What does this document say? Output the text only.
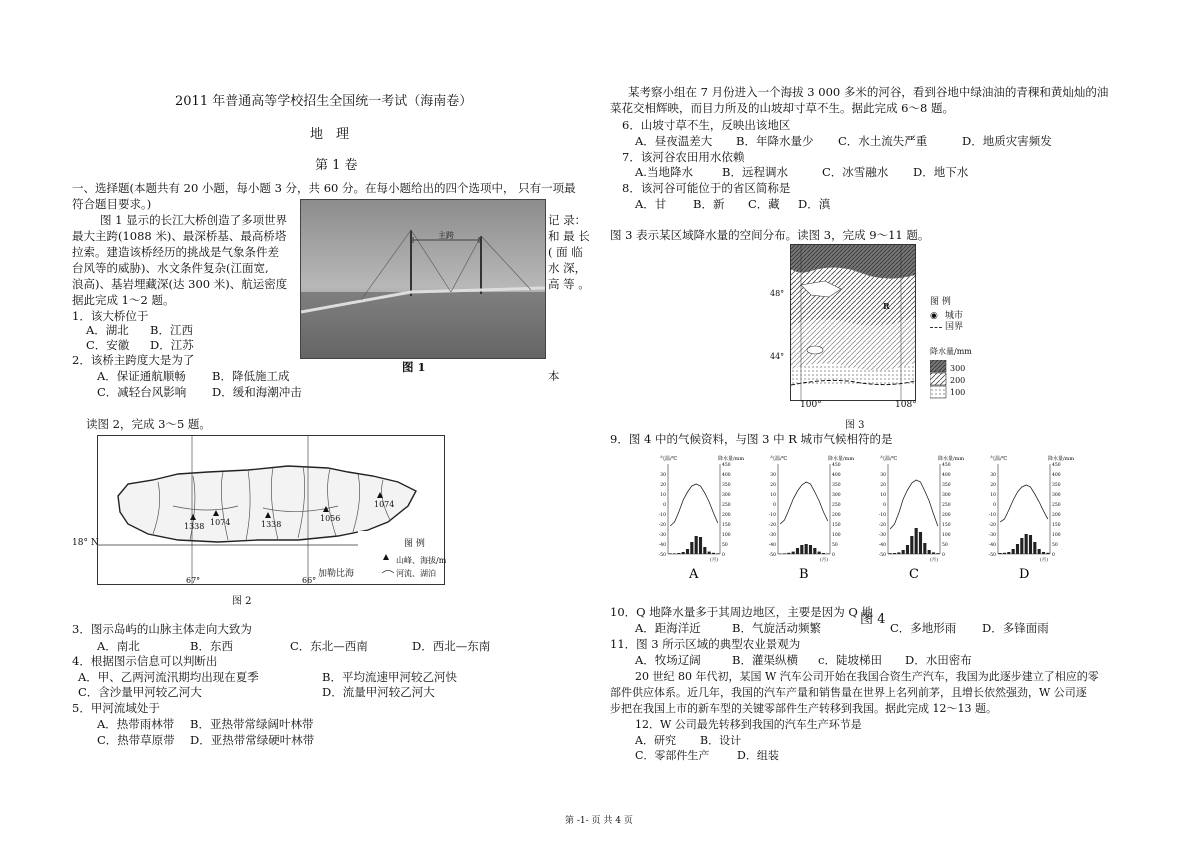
2011 年普通高等学校招生全国统一考试（海南卷）
地　理
第 1 卷
一、选择题(本题共有 20 小题，每小题 3 分，共 60 分。在每小题给出的四个选项中， 只有一项最
符合题目要求。)
图 1 显示的长江大桥创造了多项世界
最大主跨(1088 米)、最深桥基、最高桥塔
拉索。建造该桥经历的挑战是气象条件差
台风等的威胁)、水文条件复杂(江面宽,
浪高)、基岩埋藏深(达 300 米)、航运密度
据此完成 1～2 题。
记 录：
和 最 长
( 面 临
水 深，
高 等 。
主跨
图 1
1．该大桥位于
A．湖北 B．江西
C．安徽 D．江苏
2．该桥主跨度大是为了
A．保证通航顺畅 B．降低施工成
C．减轻台风影响 D．缓和海潮冲击
本
读图 2，完成 3～5 题。
1338 1074	1338
1056
1074
加勒比海
67°	66°
图 例
山峰、海拔/m
河流、湖泊
18° N
图 2
3．图示岛屿的山脉主体走向大致为
A．南北	B．东西	C．东北—西南	D．西北—东南
4．根据图示信息可以判断出
A．甲、乙两河流汛期均出现在夏季	B．平均流速甲河较乙河快
C．含沙量甲河较乙河大	D．流量甲河较乙河大
5．甲河流域处于
A．热带雨林带 B．亚热带常绿阔叶林带
C．热带草原带 D．亚热带常绿硬叶林带
某考察小组在 7 月份进入一个海拔 3 000 多米的河谷，看到谷地中绿油油的青稞和黄灿灿的油
菜花交相辉映，而目力所及的山坡却寸草不生。据此完成 6～8 题。
6．山坡寸草不生，反映出该地区
A．昼夜温差大 B．年降水量少 C．水土流失严重	D．地质灾害频发
7．该河谷农田用水依赖
A.当地降水	B．远程调水	C．冰雪融水 D．地下水
8．该河谷可能位于的省区简称是
A．甘 B．新 C．藏 D．滇
图 3 表示某区域降水量的空间分布。读图 3，完成 9～11 题。
R
48°
44°
100°	108°
图 3
图 例
◉ 城市
国界
降水量/mm
300
200
100
9．图 4 中的气候资料，与图 3 中 R 城市气候相符的是
气温/℃	降水量/mm
30
20
10
0
-10
-20
-30
-40
-50
450
400
350
300
250
200
150
100
50
0
(月)
A
气温/℃	降水量/mm
30
20
10
0
-10
-20
-30
-40
-50
450
400
350
300
250
200
150
100
50
0
(月)
B
气温/℃	降水量/mm
30
20
10
0
-10
-20
-30
-40
-50
450
400
350
300
250
200
150
100
50
0
(月)
C
气温/℃	降水量/mm
30
20
10
0
-10
-20
-30
-40
-50
450
400
350
300
250
200
150
100
50
0
(月)
D
图 4
10．Q 地降水量多于其周边地区，主要是因为 Q 地
A．距海洋近	B．气旋活动频繁	C．多地形雨 D．多锋面雨
11．图 3 所示区域的典型农业景观为
A．牧场辽阔	B．灌渠纵横 c．陡坡梯田 D．水田密布
20 世纪 80 年代初，某国 W 汽车公司开始在我国合资生产汽车，我国为此逐步建立了相应的零
部件供应体系。近几年，我国的汽车产量和销售量在世界上名列前茅，且增长依然强劲，W 公司逐
步把在我国上市的新车型的关键零部件生产转移到我国。据此完成 12～13 题。
12．W 公司最先转移到我国的汽车生产环节是
A．研究 B．设计
C．零部件生产	D．组装
第 -1- 页 共 4 页
